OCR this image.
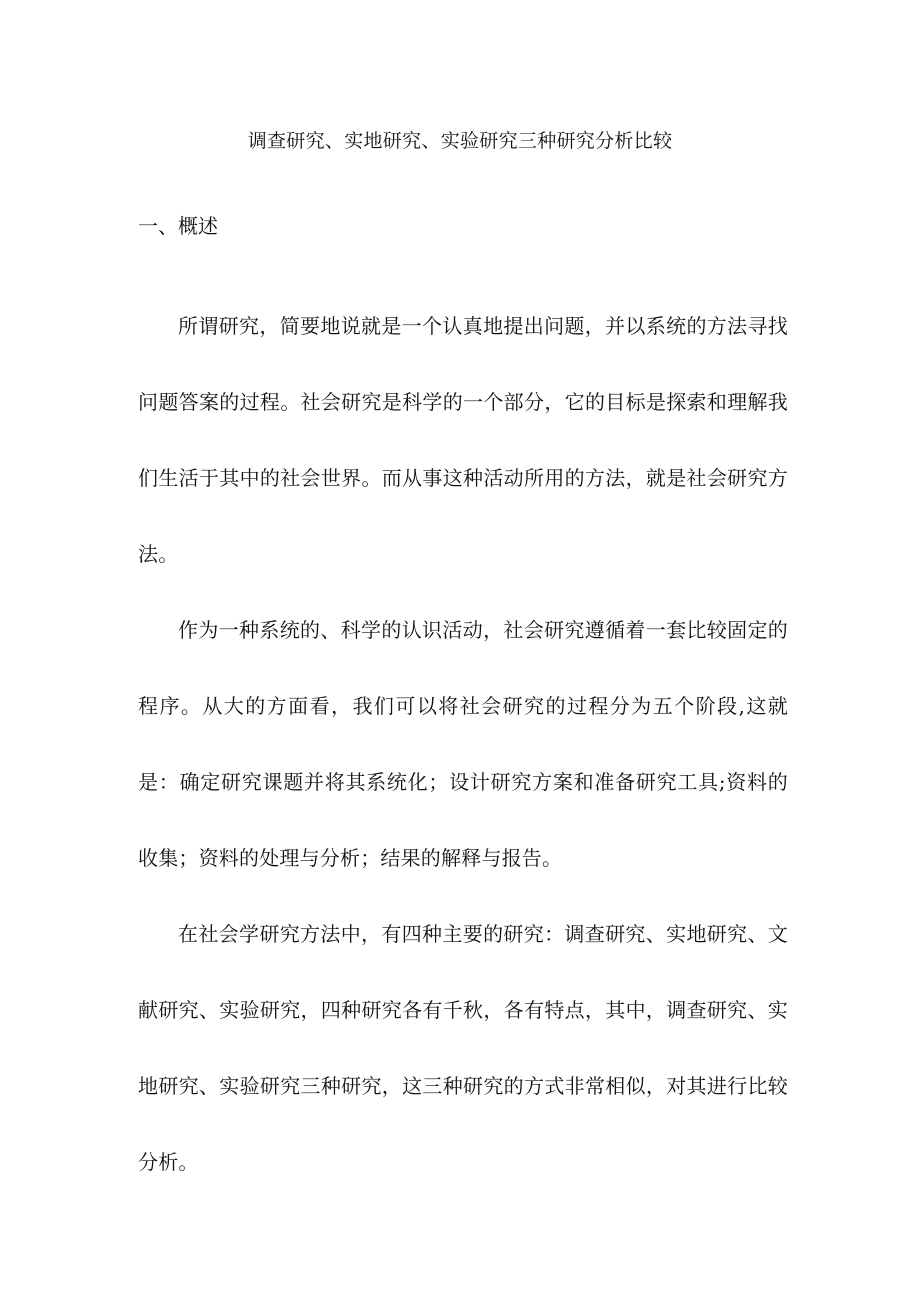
调查研究、实地研究、实验研究三种研究分析比较
一、概述

所谓研究，简要地说就是一个认真地提出问题，并以系统的方法寻找问题答案的过程。社会研究是科学的一个部分，它的目标是探索和理解我们生活于其中的社会世界。而从事这种活动所用的方法，就是社会研究方法。

作为一种系统的、科学的认识活动，社会研究遵循着一套比较固定的程序。从大的方面看，我们可以将社会研究的过程分为五个阶段,这就是：确定研究课题并将其系统化；设计研究方案和准备研究工具;资料的收集；资料的处理与分析；结果的解释与报告。

在社会学研究方法中，有四种主要的研究：调查研究、实地研究、文献研究、实验研究，四种研究各有千秋，各有特点，其中，调查研究、实地研究、实验研究三种研究，这三种研究的方式非常相似，对其进行比较分析。
